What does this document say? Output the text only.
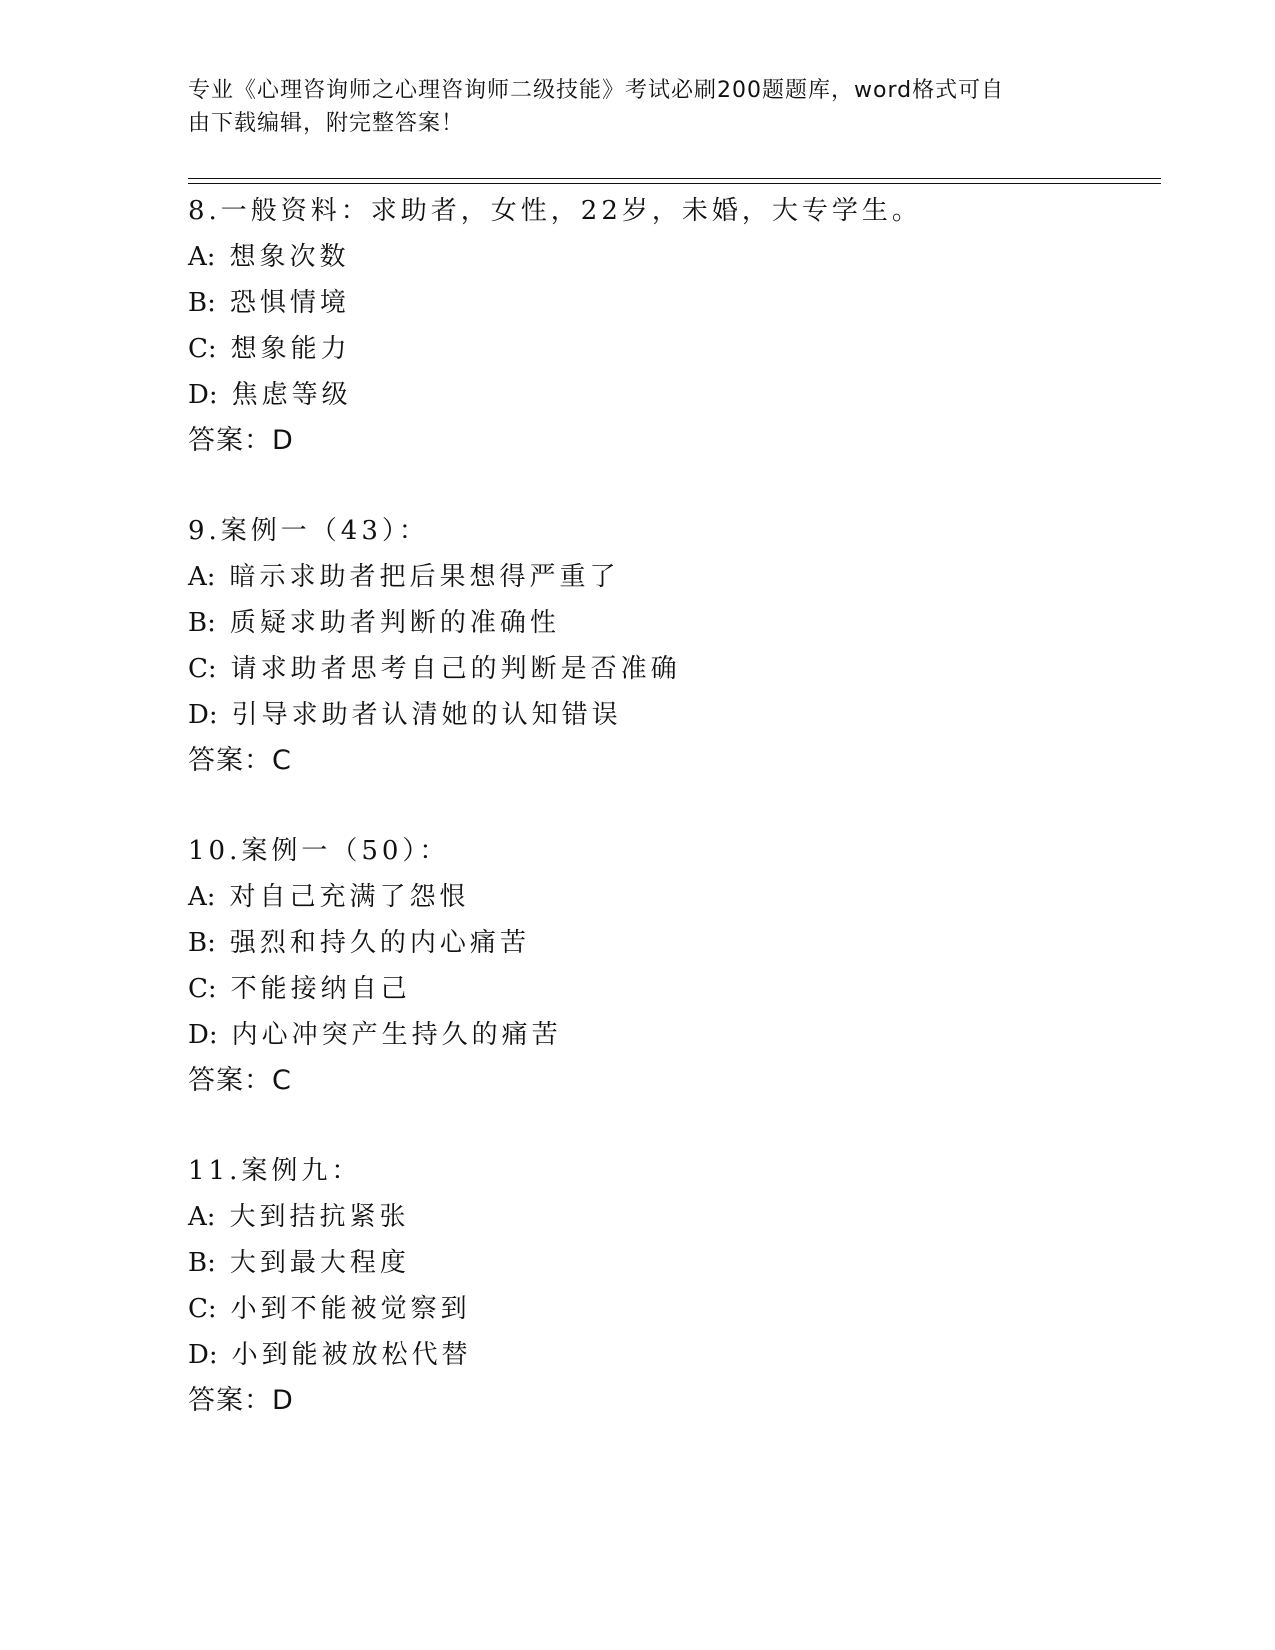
专业《心理咨询师之心理咨询师二级技能》考试必刷200题题库，word格式可自
由下载编辑，附完整答案！
8.一般资料：求助者，女性，22岁，未婚，大专学生。
A: 想象次数
B: 恐惧情境
C: 想象能力
D: 焦虑等级
答案：D
9.案例一（43）：
A: 暗示求助者把后果想得严重了
B: 质疑求助者判断的准确性
C: 请求助者思考自己的判断是否准确
D: 引导求助者认清她的认知错误
答案：C
10.案例一（50）：
A: 对自己充满了怨恨
B: 强烈和持久的内心痛苦
C: 不能接纳自己
D: 内心冲突产生持久的痛苦
答案：C
11.案例九：
A: 大到拮抗紧张
B: 大到最大程度
C: 小到不能被觉察到
D: 小到能被放松代替
答案：D
